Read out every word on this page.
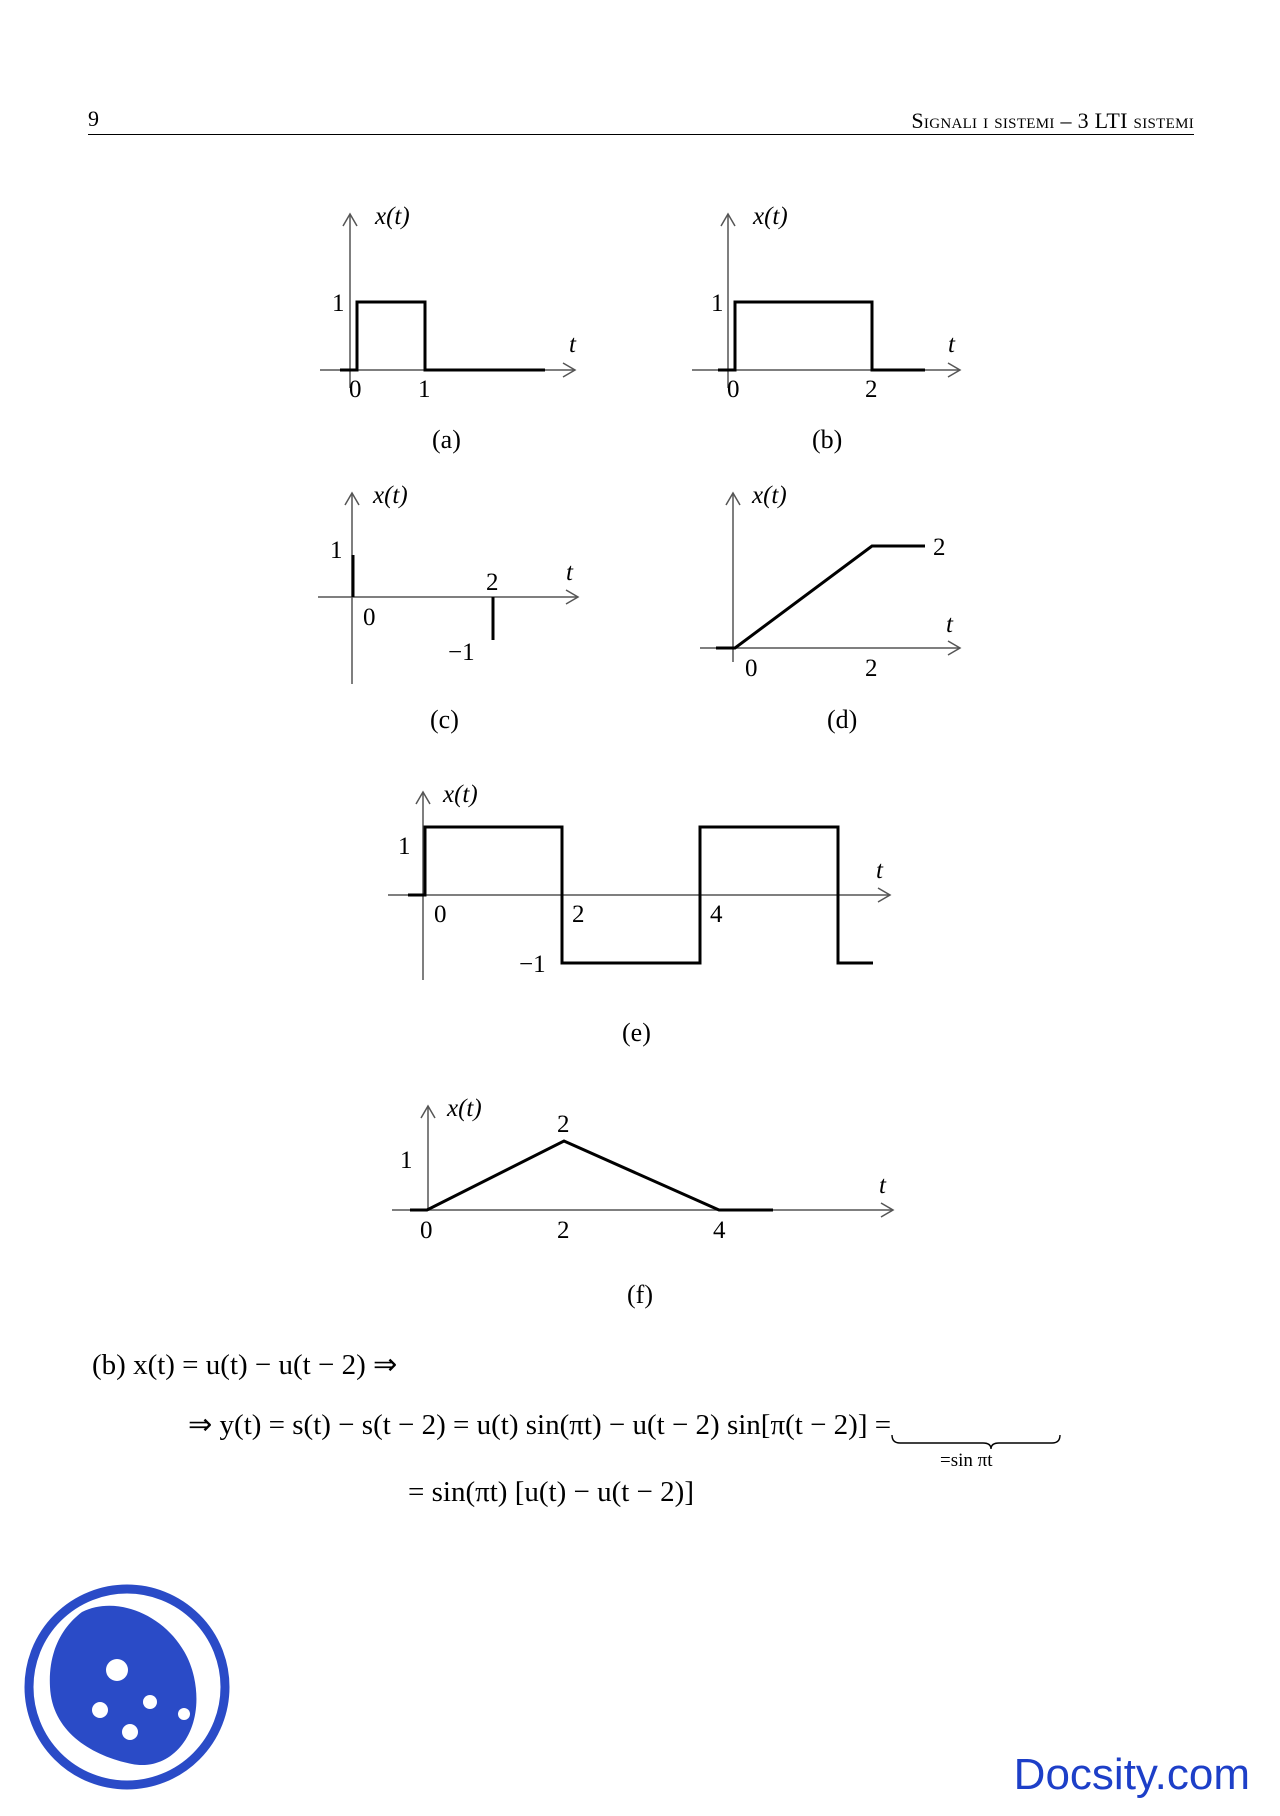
9	Signali i sistemi – 3 LTI sistemi
x(t)
t
1
0 1
(a)
x(t)
t
1
0	2
(b)
x(t)
t
1
−1
0
2
(c)
x(t)
t
2
0	2
(d)
x(t)
t
1
−1
0	2	4
(e)
x(t)
t
1
2
0	2	4
(f)
(b) x(t) = u(t) − u(t − 2) ⇒
⇒ y(t) = s(t) − s(t − 2) = u(t) sin(πt) − u(t − 2) sin[π(t − 2)] =
=sin πt
= sin(πt) [u(t) − u(t − 2)]
Docsity.com
